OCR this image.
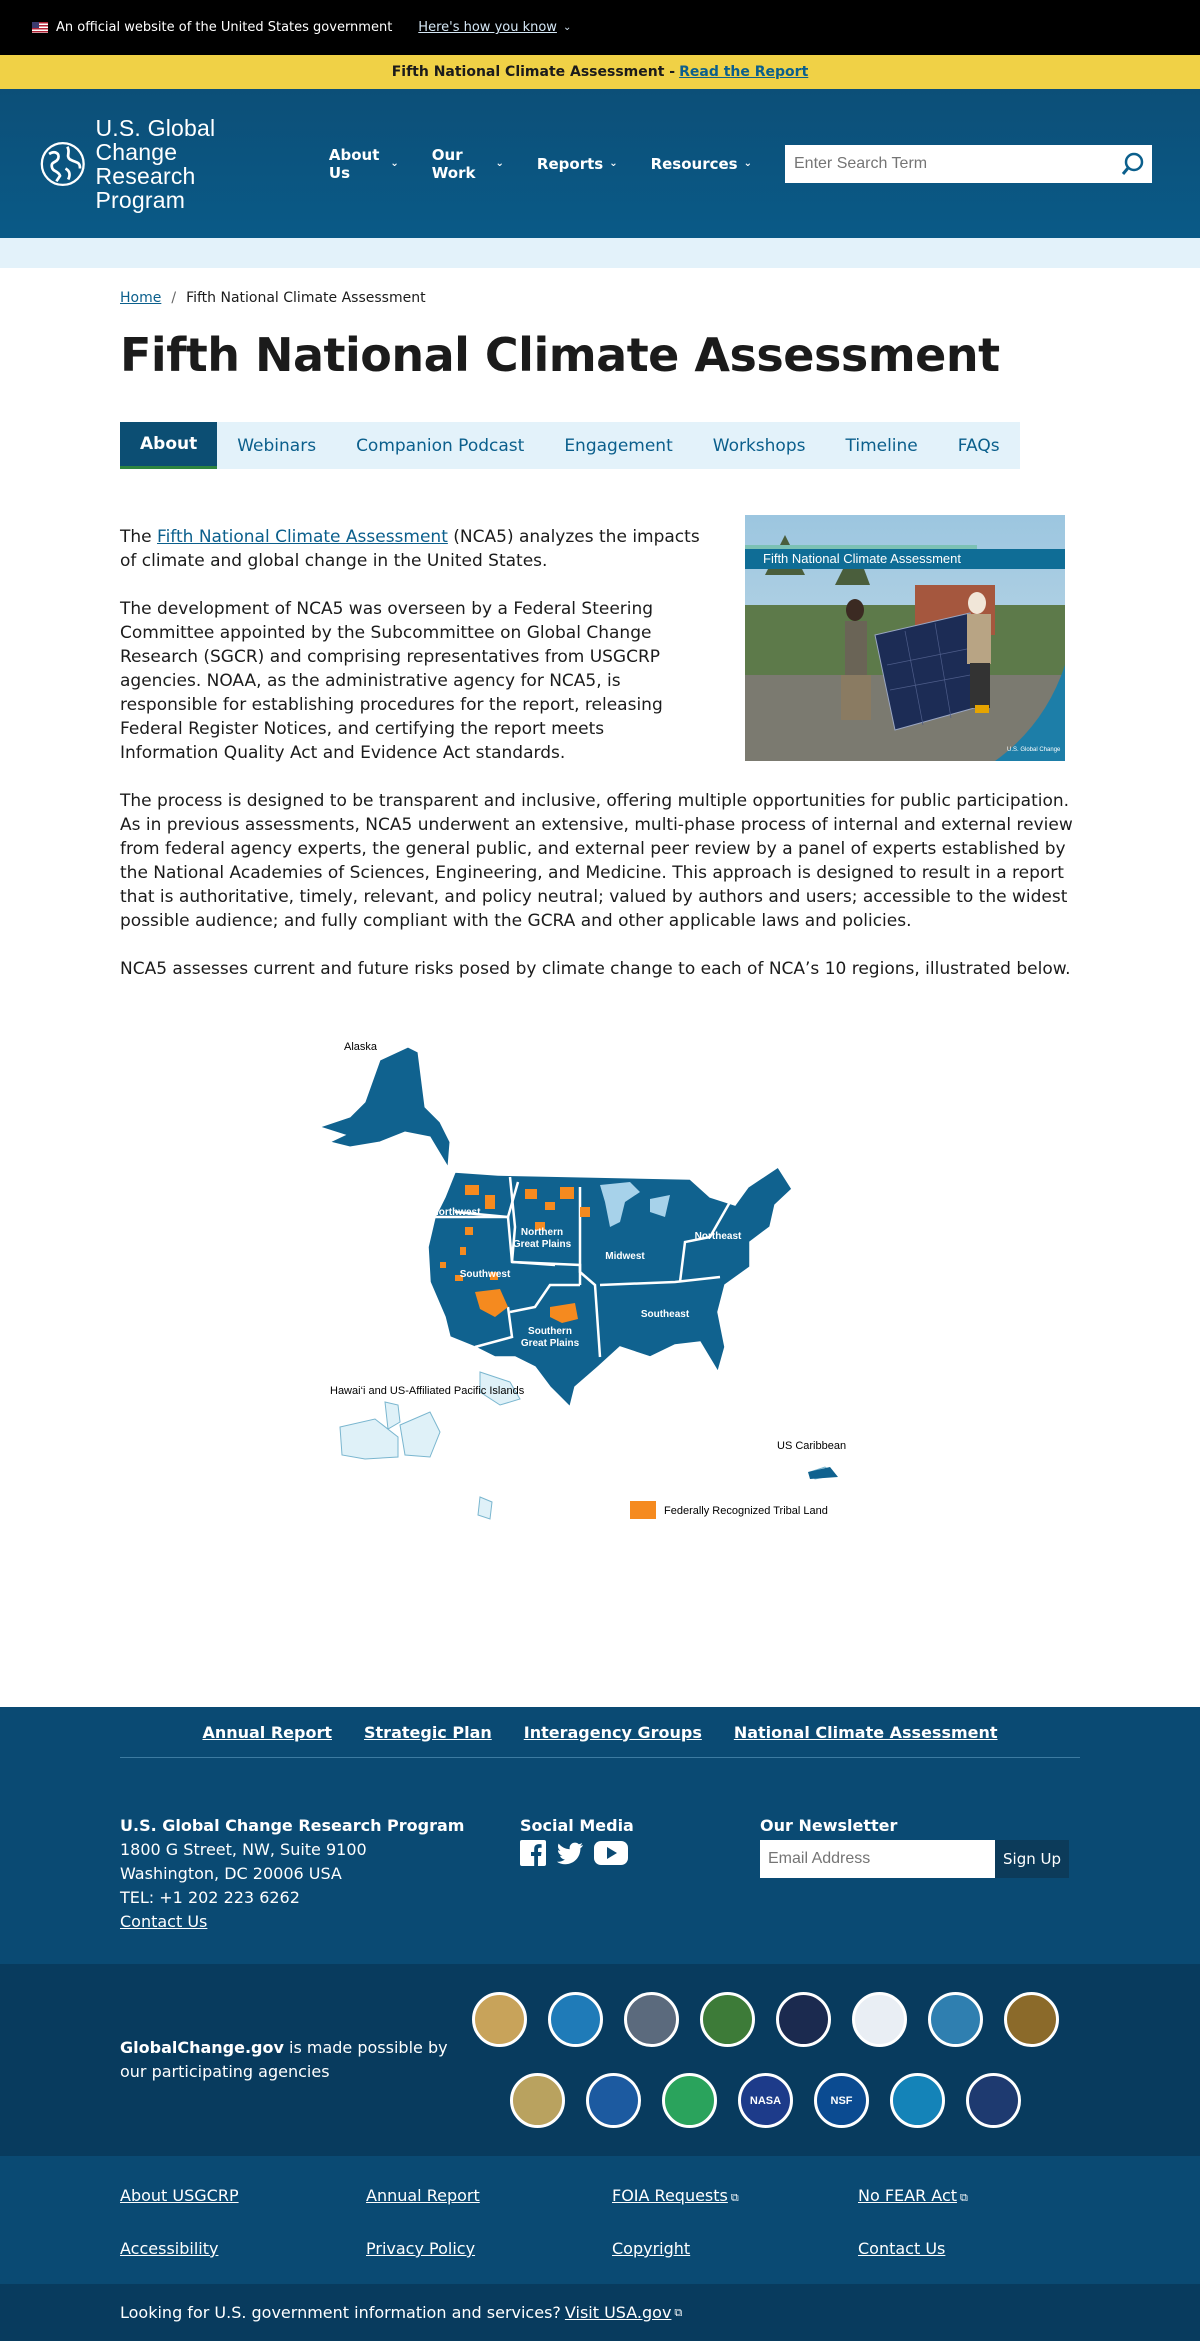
An official website of the United States government Here's how you know ⌄
Fifth National Climate Assessment - Read the Report
U.S. Global Change
Research Program
About Us	⌄ Our Work	⌄ Reports ⌄ Resources ⌄
Enter Search Term
Home / Fifth National Climate Assessment
Fifth National Climate Assessment
About	Webinars	Companion Podcast	Engagement	Workshops	Timeline	FAQs
U.S. Global Change
Fifth National Climate Assessment

The Fifth National Climate Assessment (NCA5) analyzes the impacts of climate and global change in the United States.

The development of NCA5 was overseen by a Federal Steering Committee appointed by the Subcommittee on Global Change Research (SGCR) and comprising representatives from USGCRP agencies. NOAA, as the administrative agency for NCA5, is responsible for establishing procedures for the report, releasing Federal Register Notices, and certifying the report meets Information Quality Act and Evidence Act standards.

The process is designed to be transparent and inclusive, offering multiple opportunities for public participation. As in previous assessments, NCA5 underwent an extensive, multi-phase process of internal and external review from federal agency experts, the general public, and external peer review by a panel of experts established by the National Academies of Sciences, Engineering, and Medicine. This approach is designed to result in a report that is authoritative, timely, relevant, and policy neutral; valued by authors and users; accessible to the widest possible audience; and fully compliant with the GCRA and other applicable laws and policies.

NCA5 assesses current and future risks posed by climate change to each of NCA’s 10 regions, illustrated below.

Alaska
Hawai‘i and US-Affiliated Pacific Islands
US Caribbean
Federally Recognized Tribal Land
Northwest
Northern
Great Plains
Southwest
Midwest
Northeast
Southern
Great Plains
Southeast
Annual Report Strategic Plan Interagency Groups National Climate Assessment
U.S. Global Change Research Program
1800 G Street, NW, Suite 9100
Washington, DC 20006 USA
TEL: +1 202 223 6262
Contact Us
Social Media	Our Newsletter
Email Address
Sign Up
GlobalChange.gov is made possible by our participating agencies
NASA	NSF
About USGCRP	Annual Report	FOIA Requests ⧉	No FEAR Act ⧉
Accessibility	Privacy Policy	Copyright	Contact Us
Looking for U.S. government information and services? Visit USA.gov ⧉
